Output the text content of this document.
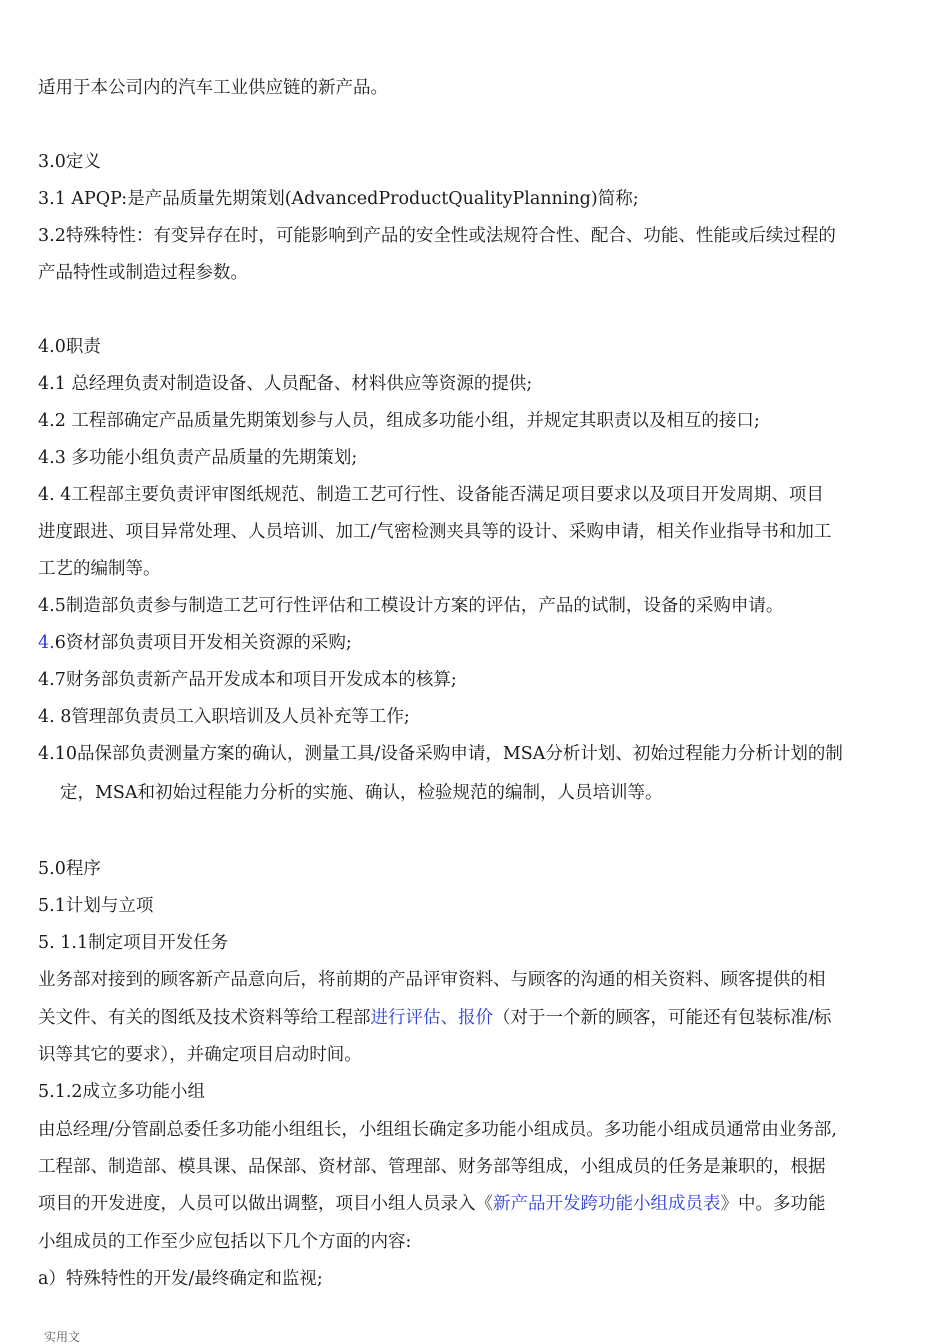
适用于本公司内的汽车工业供应链的新产品。
3.0定义
3.1 APQP:是产品质量先期策划(AdvancedProductQualityPlanning)简称;
3.2特殊特性：有变异存在时，可能影响到产品的安全性或法规符合性、配合、功能、性能或后续过程的
产品特性或制造过程参数。
4.0职责
4.1 总经理负责对制造设备、人员配备、材料供应等资源的提供;
4.2 工程部确定产品质量先期策划参与人员，组成多功能小组，并规定其职责以及相互的接口;
4.3 多功能小组负责产品质量的先期策划;
4. 4工程部主要负责评审图纸规范、制造工艺可行性、设备能否满足项目要求以及项目开发周期、项目
进度跟进、项目异常处理、人员培训、加工/气密检测夹具等的设计、采购申请，相关作业指导书和加工
工艺的编制等。
4.5制造部负责参与制造工艺可行性评估和工模设计方案的评估，产品的试制，设备的采购申请。
4.6资材部负责项目开发相关资源的采购;
4.7财务部负责新产品开发成本和项目开发成本的核算;
4. 8管理部负责员工入职培训及人员补充等工作;
4.10品保部负责测量方案的确认，测量工具/设备采购申请，MSA分析计划、初始过程能力分析计划的制
定，MSA和初始过程能力分析的实施、确认，检验规范的编制，人员培训等。
5.0程序
5.1计划与立项
5. 1.1制定项目开发任务
业务部对接到的顾客新产品意向后，将前期的产品评审资料、与顾客的沟通的相关资料、顾客提供的相
关文件、有关的图纸及技术资料等给工程部进行评估、报价（对于一个新的顾客，可能还有包装标准/标
识等其它的要求），并确定项目启动时间。
5.1.2成立多功能小组
由总经理/分管副总委任多功能小组组长，小组组长确定多功能小组成员。多功能小组成员通常由业务部,
工程部、制造部、模具课、品保部、资材部、管理部、财务部等组成，小组成员的任务是兼职的，根据
项目的开发进度，人员可以做出调整，项目小组人员录入《新产品开发跨功能小组成员表》中。多功能
小组成员的工作至少应包括以下几个方面的内容:
a）特殊特性的开发/最终确定和监视;
实用文
